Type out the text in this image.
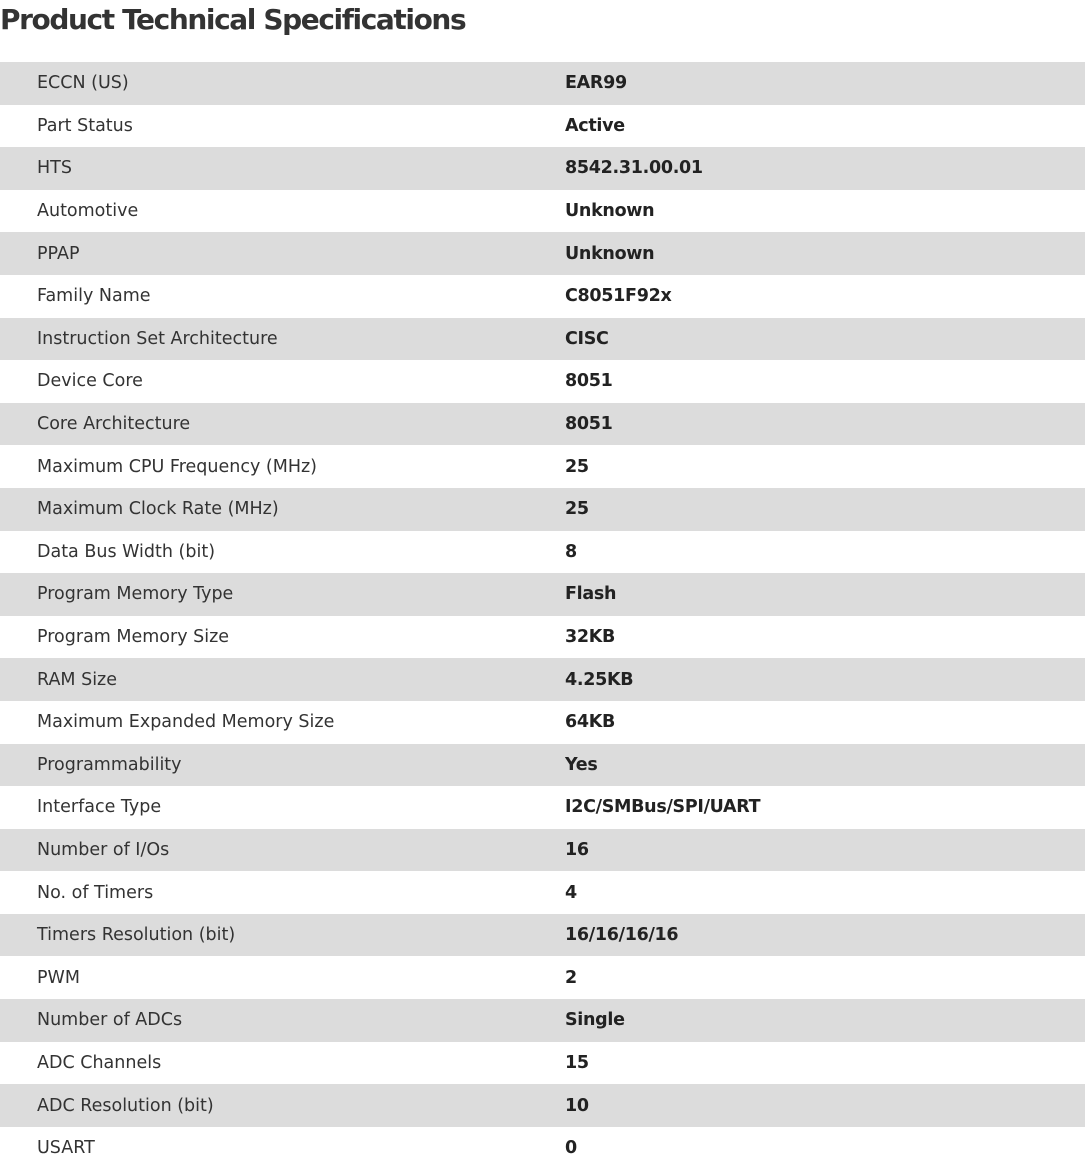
Product Technical Specifications
ECCN (US)	EAR99
Part Status	Active
HTS	8542.31.00.01
Automotive	Unknown
PPAP	Unknown
Family Name	C8051F92x
Instruction Set Architecture	CISC
Device Core	8051
Core Architecture	8051
Maximum CPU Frequency (MHz)	25
Maximum Clock Rate (MHz)	25
Data Bus Width (bit)	8
Program Memory Type	Flash
Program Memory Size	32KB
RAM Size	4.25KB
Maximum Expanded Memory Size	64KB
Programmability	Yes
Interface Type	I2C/SMBus/SPI/UART
Number of I/Os	16
No. of Timers	4
Timers Resolution (bit)	16/16/16/16
PWM	2
Number of ADCs	Single
ADC Channels	15
ADC Resolution (bit)	10
USART	0
